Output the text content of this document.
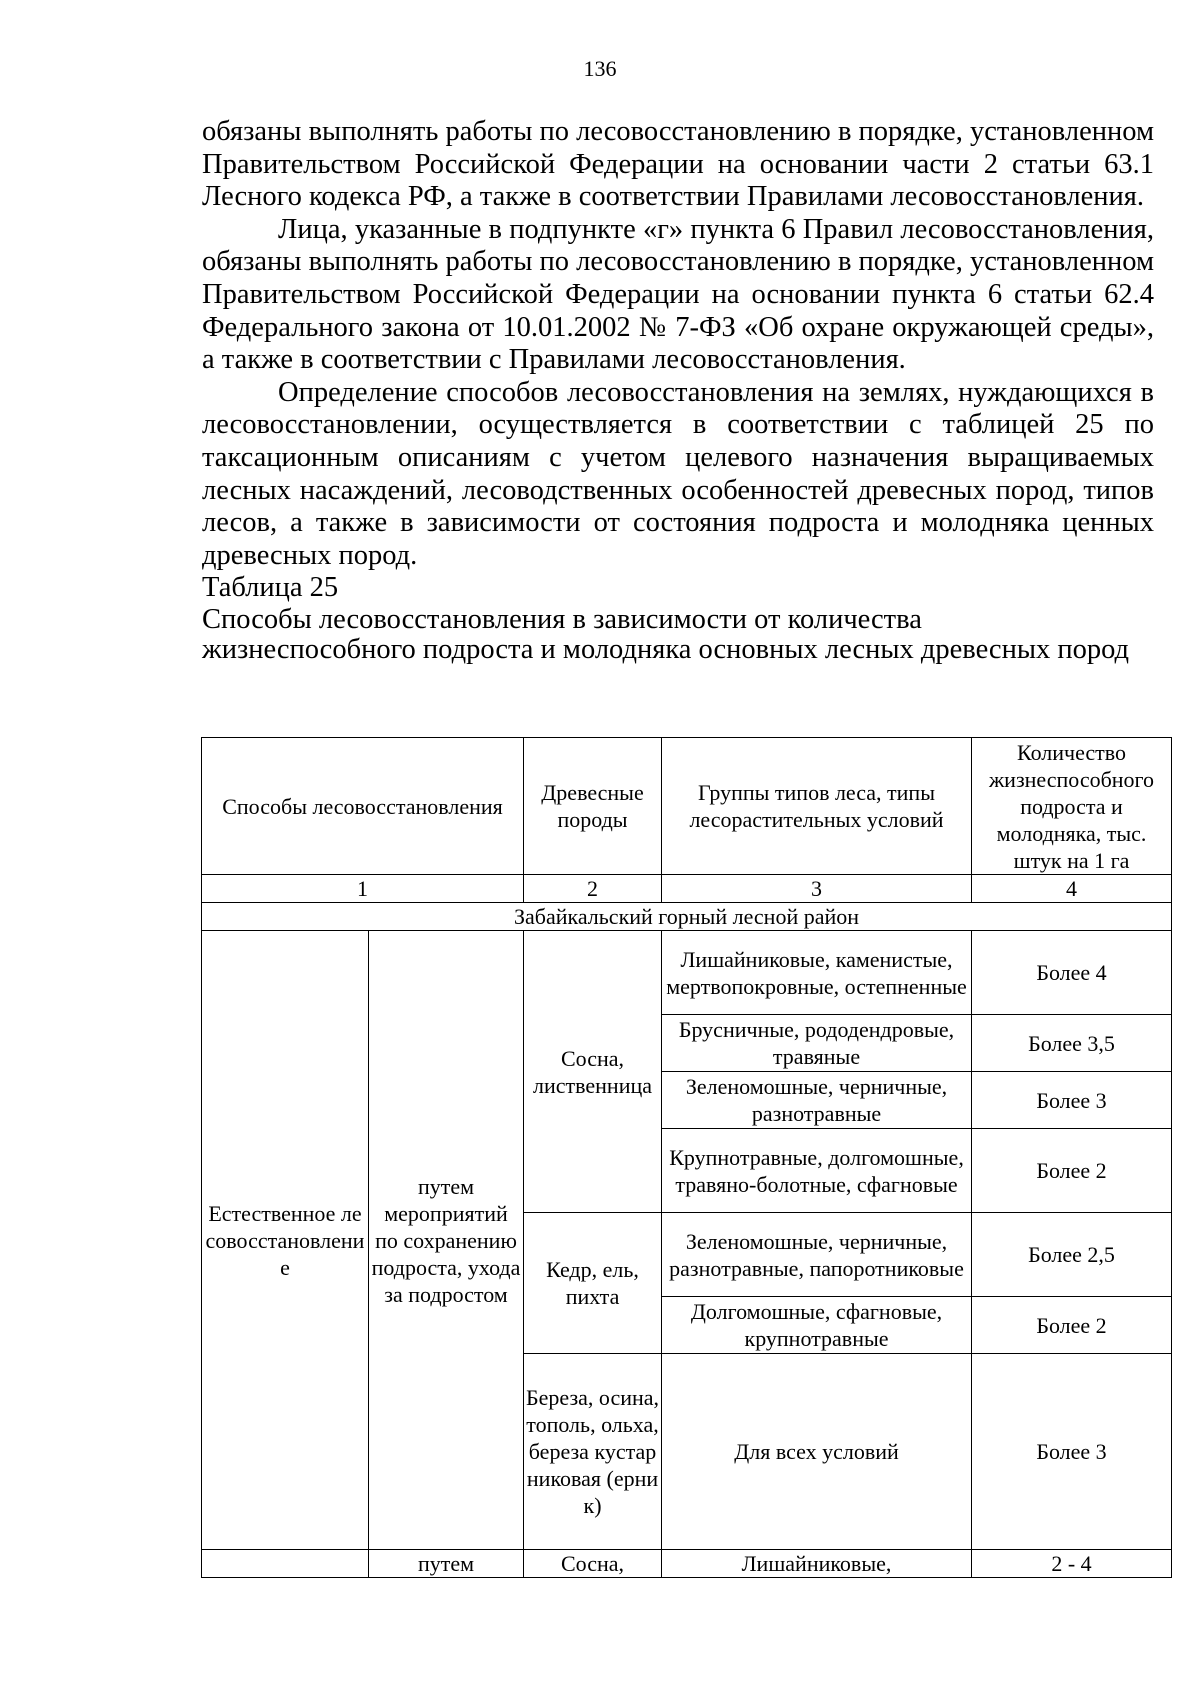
136

обязаны выполнять работы по лесовосстановлению в порядке, установленном Правительством Российской Федерации на основании части 2 статьи 63.1 Лесного кодекса РФ, а также в соответствии Правилами лесовосстановления.

Лица, указанные в подпункте «г» пункта 6 Правил лесовосстановления, обязаны выполнять работы по лесовосстановлению в порядке, установленном Правительством Российской Федерации на основании пункта 6 статьи 62.4 Федерального закона от 10.01.2002 № 7-ФЗ «Об охране окружающей среды», а также в соответствии с Правилами лесовосстановления.

Определение способов лесовосстановления на землях, нуждающихся в лесовосстановлении, осуществляется в соответствии с таблицей 25 по таксационным описаниям с учетом целевого назначения выращиваемых лесных насаждений, лесоводственных особенностей древесных пород, типов лесов, а также в зависимости от состояния подроста и молодняка ценных древесных пород.

Таблица 25

Способы лесовосстановления в зависимости от количества

жизнеспособного подроста и молодняка основных лесных древесных пород

Способы лесовосстановления		Древесные породы	Группы типов леса, типы лесорастительных условий	Количество жизнеспособного подроста и молодняка, тыс. штук на 1 га
1		2	3	4
Забайкальский горный лесной район				
Естественное лесовосстановление	путем мероприятий по сохранению подроста, ухода за подростом	Сосна, лиственница	Лишайниковые, каменистые, мертвопокровные, остепненные	Более 4
			Брусничные, рододендровые, травяные	Более 3,5
			Зеленомошные, черничные, разнотравные	Более 3
			Крупнотравные, долгомошные, травяно-болотные, сфагновые	Более 2
		Кедр, ель, пихта	Зеленомошные, черничные, разнотравные, папоротниковые	Более 2,5
			Долгомошные, сфагновые, крупнотравные	Более 2
		Береза, осина, тополь, ольха, береза кустарниковая (ерник)	Для всех условий	Более 3
	путем	Сосна,	Лишайниковые,	2 - 4
